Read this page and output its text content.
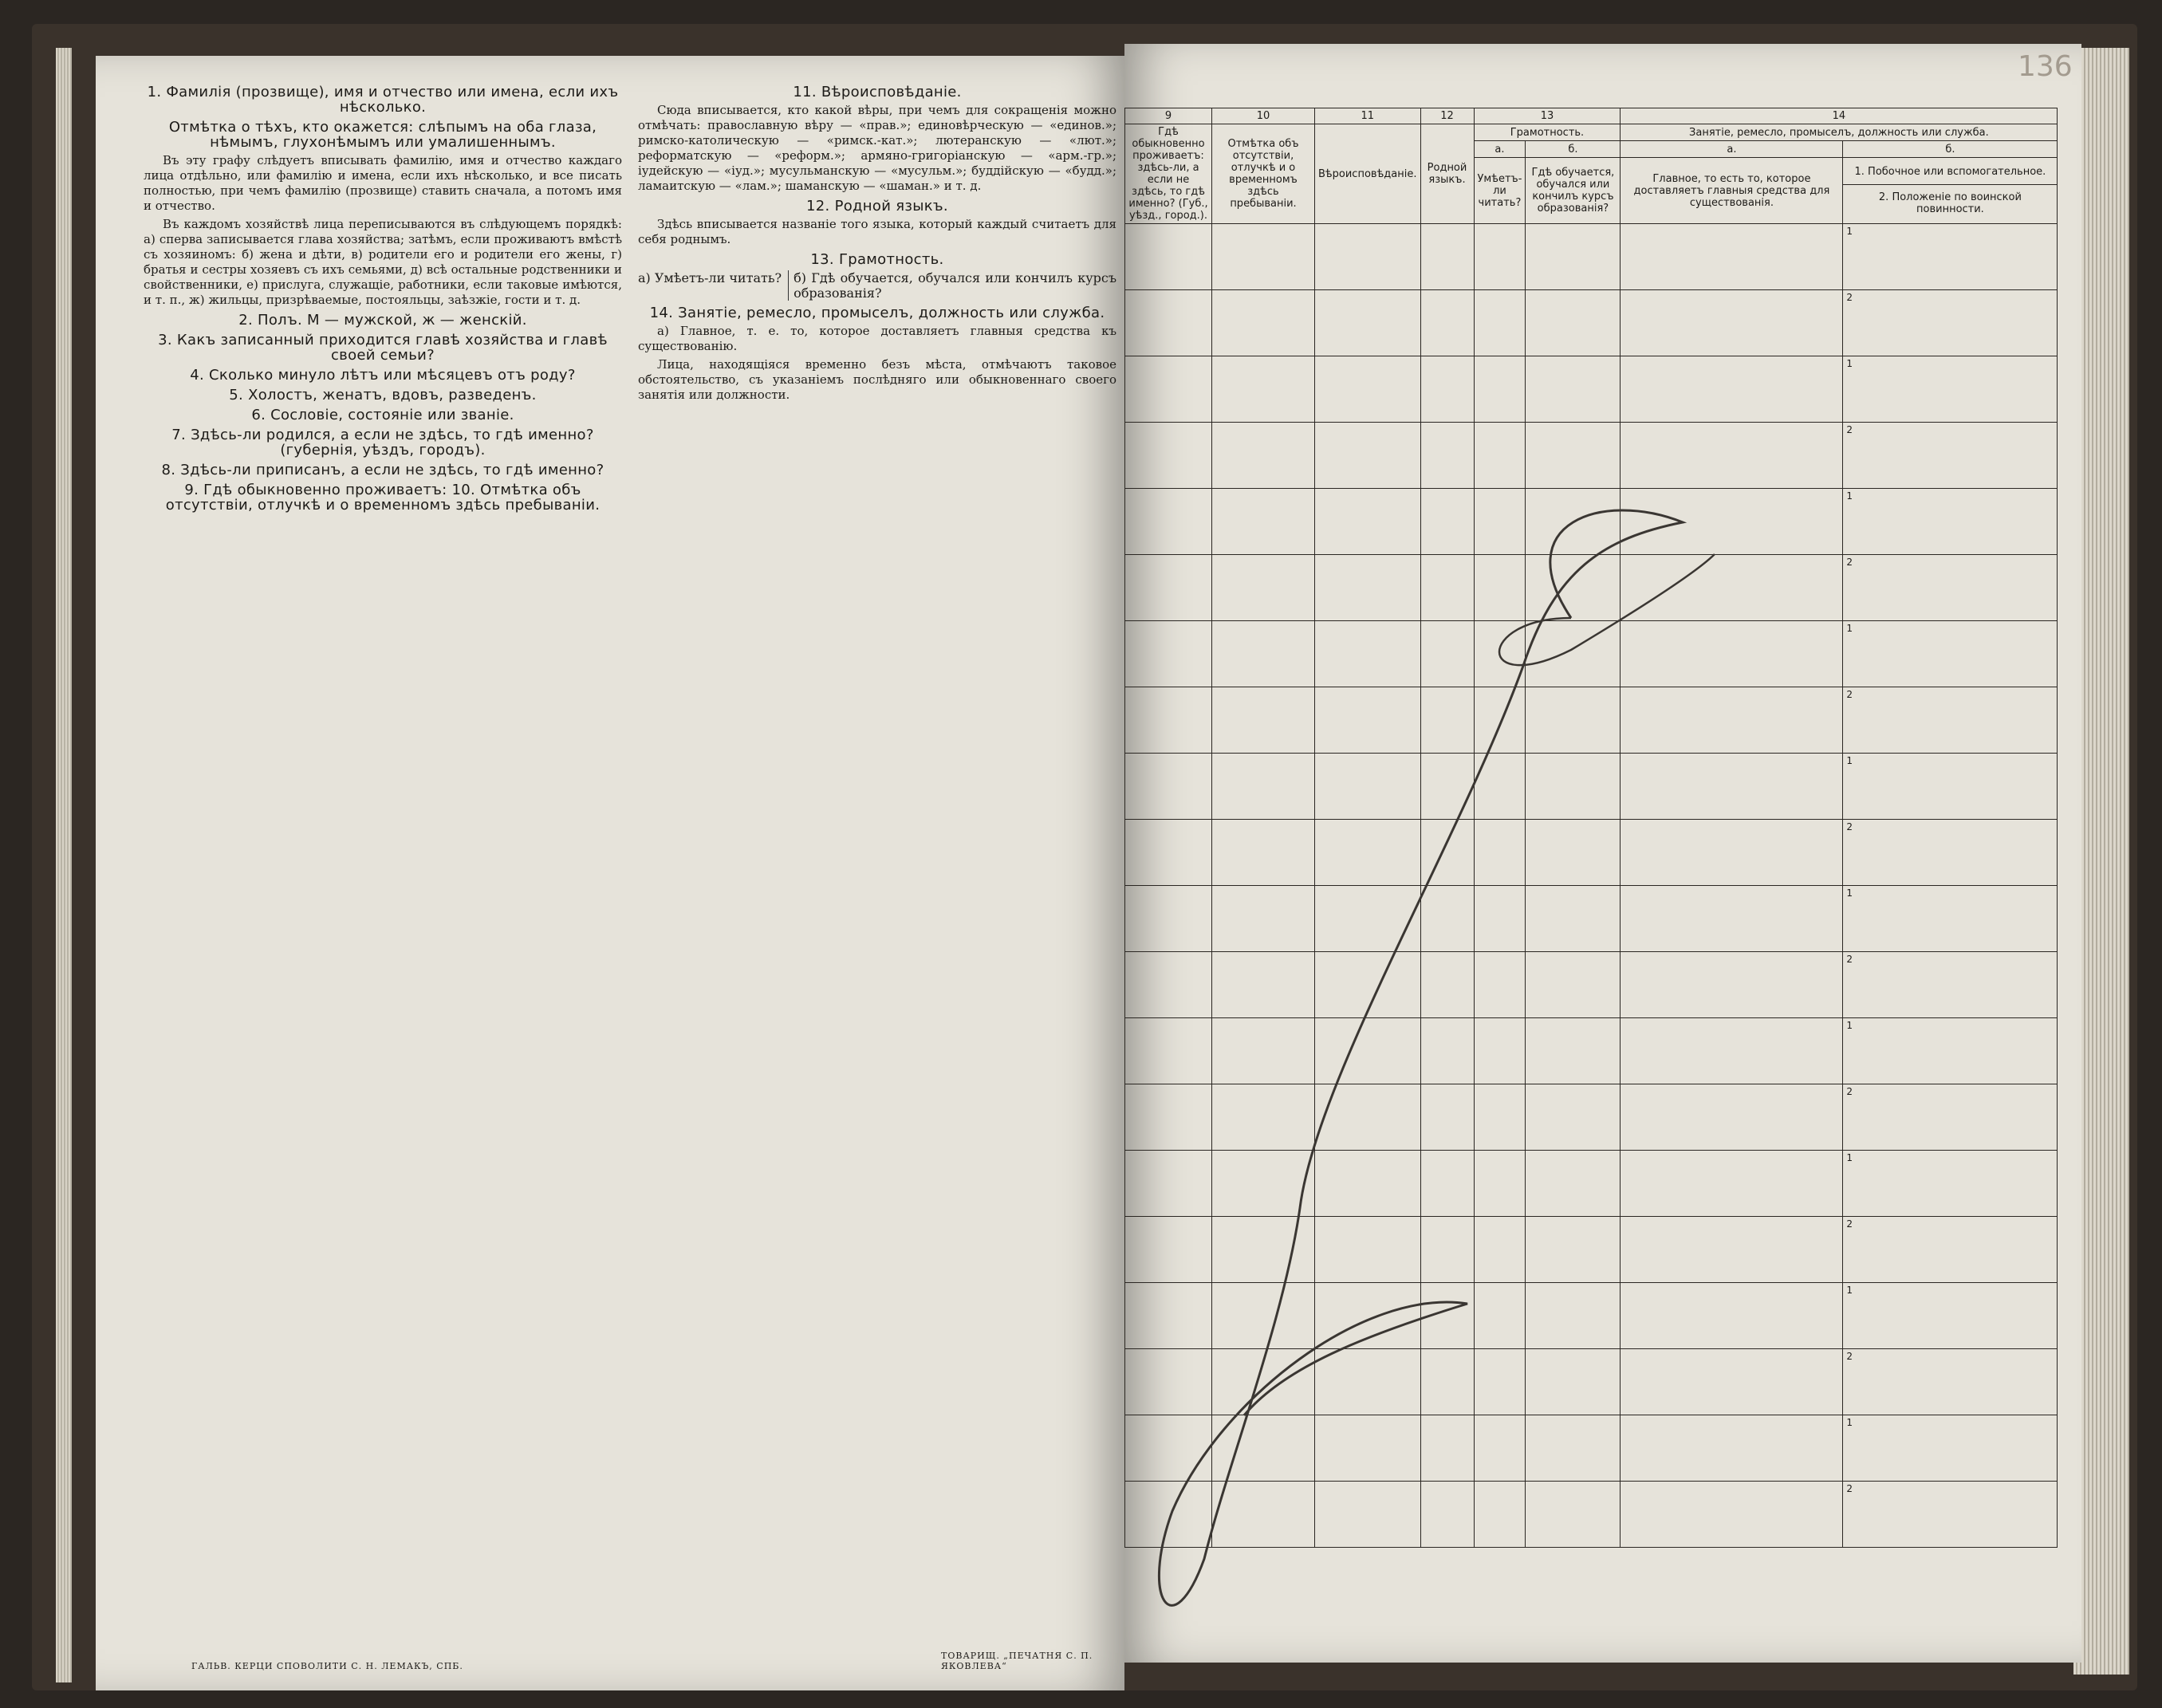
1. Фамилія (прозвище), имя и отчество или имена, если ихъ нѣсколько.
Отмѣтка о тѣхъ, кто окажется: слѣпымъ на оба глаза, нѣмымъ, глухонѣмымъ или умалишеннымъ.

Въ эту графу слѣдуетъ вписывать фамилію, имя и отчество каждаго лица отдѣльно, или фамилію и имена, если ихъ нѣсколько, и все писать полностью, при чемъ фамилію (прозвище) ставить сначала, а потомъ имя и отчество.

Въ каждомъ хозяйствѣ лица переписываются въ слѣдующемъ порядкѣ: а) сперва записывается глава хозяйства; затѣмъ, если проживаютъ вмѣстѣ съ хозяиномъ: б) жена и дѣти, в) родители его и родители его жены, г) братья и сестры хозяевъ съ ихъ семьями, д) всѣ остальные родственники и свойственники, е) прислуга, служащіе, работники, если таковые имѣются, и т. п., ж) жильцы, призрѣваемые, постояльцы, заѣзжіе, гости и т. д.

2. Полъ. М — мужской, ж — женскій.
3. Какъ записанный приходится главѣ хозяйства и главѣ своей семьи?
4. Сколько минуло лѣтъ или мѣсяцевъ отъ роду?
5. Холостъ, женатъ, вдовъ, разведенъ.
6. Сословіе, состояніе или званіе.
7. Здѣсь-ли родился, а если не здѣсь, то гдѣ именно? (губернія, уѣздъ, городъ).
8. Здѣсь-ли приписанъ, а если не здѣсь, то гдѣ именно?
9. Гдѣ обыкновенно проживаетъ: 10. Отмѣтка объ отсутствіи, отлучкѣ и о временномъ здѣсь пребываніи.
11. Вѣроисповѣданіе.

Сюда вписывается, кто какой вѣры, при чемъ для сокращенія можно отмѣчать: православную вѣру — «прав.»; единовѣрческую — «единов.»; римско-католическую — «римск.-кат.»; лютеранскую — «лют.»; реформатскую — «реформ.»; армяно-григоріанскую — «арм.-гр.»; іудейскую — «іуд.»; мусульманскую — «мусульм.»; буддійскую — «будд.»; ламаитскую — «лам.»; шаманскую — «шаман.» и т. д.

12. Родной языкъ.

Здѣсь вписывается названіе того языка, который каждый считаетъ для себя роднымъ.

13. Грамотность.
а) Умѣетъ-ли читать? б) Гдѣ обучается, обучался или кончилъ курсъ образованія?
14. Занятіе, ремесло, промыселъ, должность или служба.

а) Главное, т. е. то, которое доставляетъ главныя средства къ существованію.

Лица, находящіяся временно безъ мѣста, отмѣчаютъ таковое обстоятельство, съ указаніемъ послѣдняго или обыкновеннаго своего занятія или должности.

ГАЛЬВ. КЕРЦИ СПОВОЛИТИ С. Н. ЛЕМАКЪ, СПБ.
ТОВАРИЩ. „ПЕЧАТНЯ С. П. ЯКОВЛЕВА“
136
9	10	11	12	13		14	
Гдѣ обыкновенно проживаетъ: здѣсь-ли, а если не здѣсь, то гдѣ именно? (Губ., уѣзд., город.).	Отмѣтка объ отсутствіи, отлучкѣ и о временномъ здѣсь пребываніи.	Вѣроисповѣданіе.	Родной языкъ.	Грамотность.		Занятіе, ремесло, промыселъ, должность или служба.	
				а.	б.	а.	б.
				Умѣетъ-ли читать?	Гдѣ обучается, обучался или кончилъ курсъ образованія?	Главное, то есть то, которое доставляетъ главныя средства для существованія.	1. Побочное или вспомогательное.
2. Положеніе по воинской повинности.

							1
							2
							1
							2
							1
							2
							1
							2
							1
							2
							1
							2
							1
							2
							1
							2
							1
							2
							1
							2
